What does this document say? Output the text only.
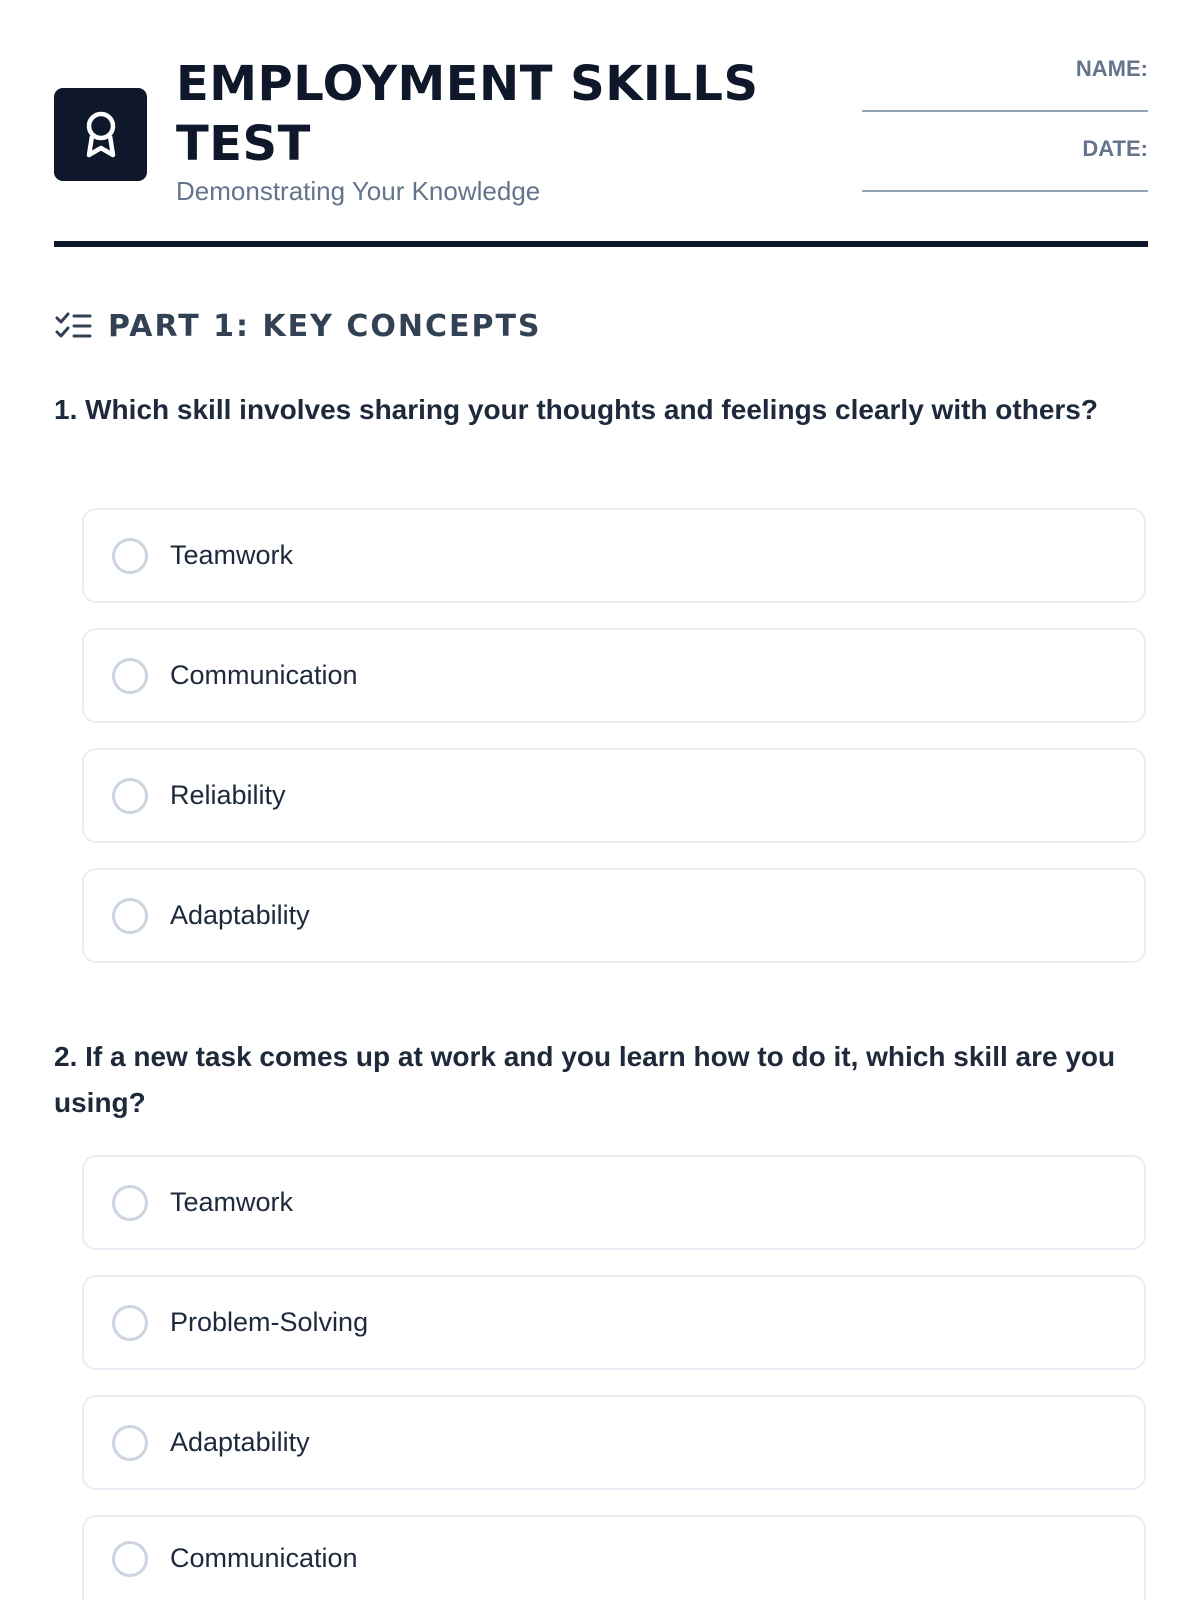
EMPLOYMENT SKILLS TEST
Demonstrating Your Knowledge
NAME:
DATE:
PART 1: KEY CONCEPTS
1. Which skill involves sharing your thoughts and feelings clearly with others?
Teamwork
Communication
Reliability
Adaptability
2. If a new task comes up at work and you learn how to do it, which skill are you using?
Teamwork
Problem-Solving
Adaptability
Communication
